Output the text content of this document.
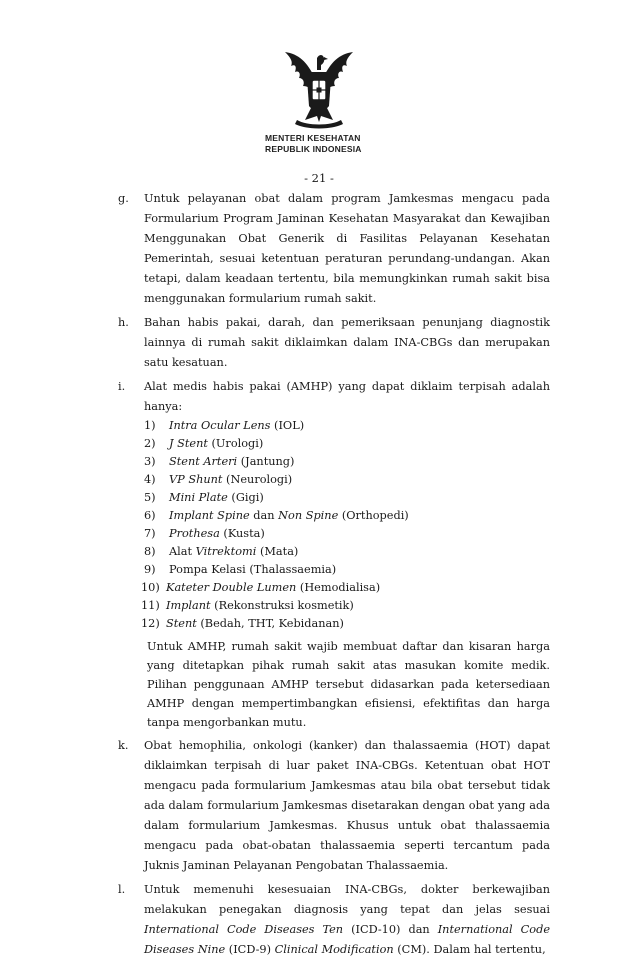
MENTERI KESEHATAN
REPUBLIK INDONESIA
- 21 -
g.	Untuk pelayanan obat dalam program Jamkesmas mengacu pada Formularium Program Jaminan Kesehatan Masyarakat dan Kewajiban Menggunakan Obat Generik di Fasilitas Pelayanan Kesehatan Pemerintah, sesuai ketentuan peraturan perundang-undangan. Akan tetapi, dalam keadaan tertentu, bila memungkinkan rumah sakit bisa menggunakan formularium rumah sakit.
h.	Bahan habis pakai, darah, dan pemeriksaan penunjang diagnostik lainnya di rumah sakit diklaimkan dalam INA-CBGs dan merupakan satu kesatuan.
i.	Alat medis habis pakai (AMHP) yang dapat diklaim terpisah adalah hanya:
1)	Intra Ocular Lens (IOL)
2)	J Stent (Urologi)
3)	Stent Arteri (Jantung)
4)	VP Shunt (Neurologi)
5)	Mini Plate (Gigi)
6)	Implant Spine dan Non Spine (Orthopedi)
7)	Prothesa (Kusta)
8)	Alat Vitrektomi (Mata)
9)	Pompa Kelasi (Thalassaemia)
10) Kateter Double Lumen (Hemodialisa)
11) Implant (Rekonstruksi kosmetik)
12) Stent (Bedah, THT, Kebidanan)
Untuk AMHP, rumah sakit wajib membuat daftar dan kisaran harga yang ditetapkan pihak rumah sakit atas masukan komite medik. Pilihan penggunaan AMHP tersebut didasarkan pada ketersediaan AMHP dengan mempertimbangkan efisiensi, efektifitas dan harga tanpa mengorbankan mutu.
k.	Obat hemophilia, onkologi (kanker) dan thalassaemia (HOT) dapat diklaimkan terpisah di luar paket INA-CBGs. Ketentuan obat HOT mengacu pada formularium Jamkesmas atau bila obat tersebut tidak ada dalam formularium Jamkesmas disetarakan dengan obat yang ada dalam formularium Jamkesmas. Khusus untuk obat thalassaemia mengacu pada obat-obatan thalassaemia seperti tercantum pada Juknis Jaminan Pelayanan Pengobatan Thalassaemia.
l.	Untuk memenuhi kesesuaian INA-CBGs, dokter berkewajiban melakukan penegakan diagnosis yang tepat dan jelas sesuai International Code Diseases Ten (ICD-10) dan International Code Diseases Nine (ICD-9) Clinical Modification (CM). Dalam hal tertentu,
